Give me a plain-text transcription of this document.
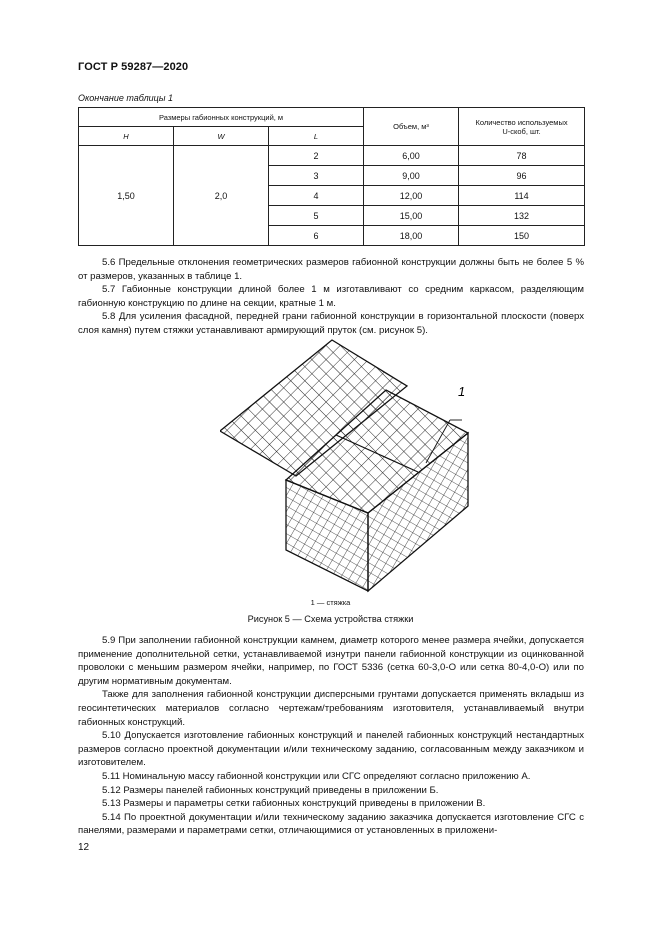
ГОСТ Р 59287—2020
Окончание таблицы 1
Размеры габионных конструкций, м			Объем, м³	Количество используемых
U-скоб, шт.

H	W	L		
1,50	2,0	2	6,00	78
		3	9,00	96
		4	12,00	114
		5	15,00	132
		6	18,00	150

5.6 Предельные отклонения геометрических размеров габионной конструкции должны быть не более 5 % от размеров, указанных в таблице 1.

5.7 Габионные конструкции длиной более 1 м изготавливают со средним каркасом, разделяющим габионную конструкцию по длине на секции, кратные 1 м.

5.8 Для усиления фасадной, передней грани габионной конструкции в горизонтальной плоскости (поверх слоя камня) путем стяжки устанавливают армирующий пруток (см. рисунок 5).

1
1 — стяжка
Рисунок 5 — Схема устройства стяжки

5.9 При заполнении габионной конструкции камнем, диаметр которого менее размера ячейки, допускается применение дополнительной сетки, устанавливаемой изнутри панели габионной конструкции из оцинкованной проволоки с меньшим размером ячейки, например, по ГОСТ 5336 (сетка 60-3,0-О или сетка 80-4,0-О) или по другим нормативным документам.

Также для заполнения габионной конструкции дисперсными грунтами допускается применять вкладыш из геосинтетических материалов согласно чертежам/требованиям изготовителя, устанавливаемый внутри габионных конструкций.

5.10 Допускается изготовление габионных конструкций и панелей габионных конструкций нестандартных размеров согласно проектной документации и/или техническому заданию, согласованным между заказчиком и изготовителем.

5.11 Номинальную массу габионной конструкции или СГС определяют согласно приложению А.

5.12 Размеры панелей габионных конструкций приведены в приложении Б.

5.13 Размеры и параметры сетки габионных конструкций приведены в приложении В.

5.14 По проектной документации и/или техническому заданию заказчика допускается изготовление СГС с панелями, размерами и параметрами сетки, отличающимися от установленных в приложени-

12
